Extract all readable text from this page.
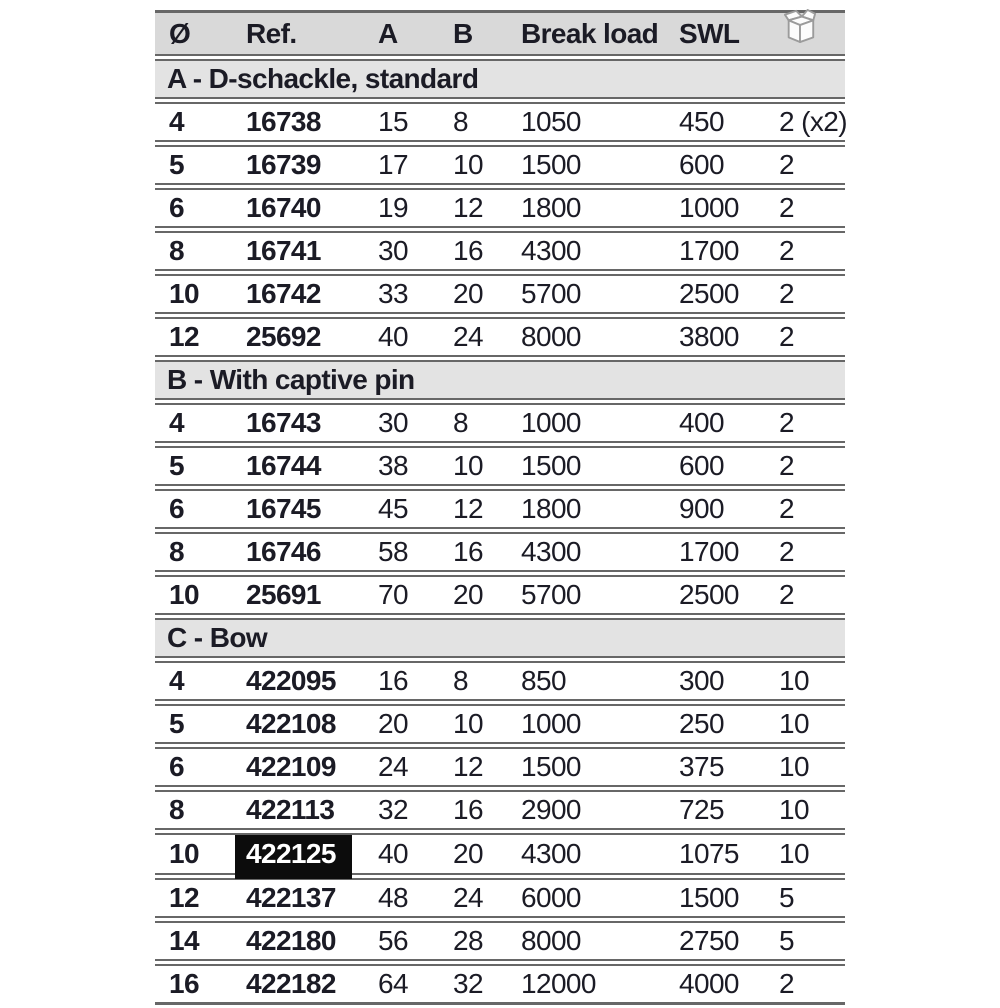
Ø	Ref.	A	B	Break load	SWL	
A - D-schackle, standard						
4	16738	15	8	1050	450	2 (x2)
5	16739	17	10	1500	600	2
6	16740	19	12	1800	1000	2
8	16741	30	16	4300	1700	2
10	16742	33	20	5700	2500	2
12	25692	40	24	8000	3800	2
B - With captive pin						
4	16743	30	8	1000	400	2
5	16744	38	10	1500	600	2
6	16745	45	12	1800	900	2
8	16746	58	16	4300	1700	2
10	25691	70	20	5700	2500	2
C - Bow						
4	422095	16	8	850	300	10
5	422108	20	10	1000	250	10
6	422109	24	12	1500	375	10
8	422113	32	16	2900	725	10
10	422125	40	20	4300	1075	10
12	422137	48	24	6000	1500	5
14	422180	56	28	8000	2750	5
16	422182	64	32	12000	4000	2
